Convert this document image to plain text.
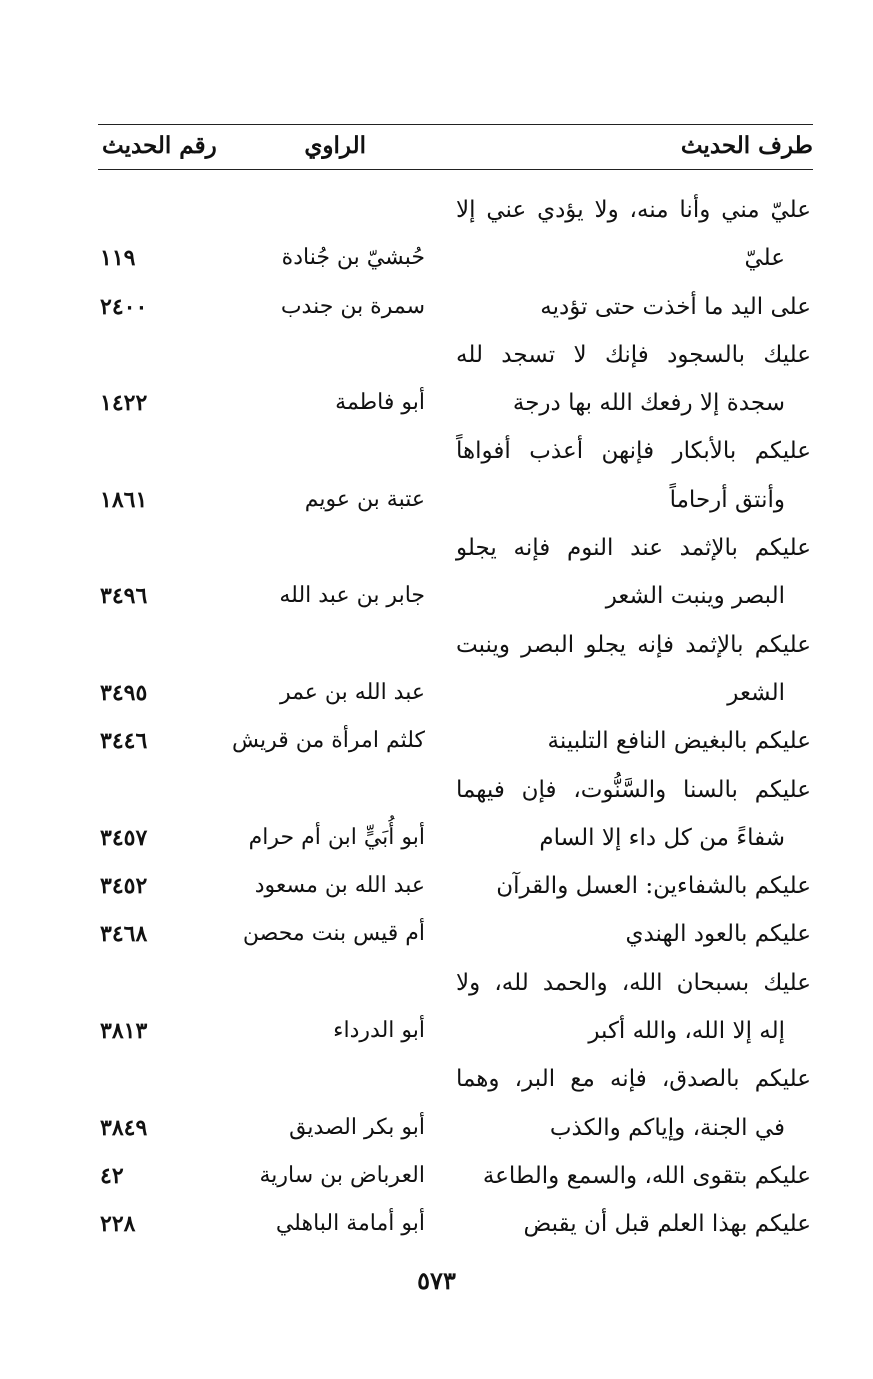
طرف الحديث
الراوي
رقم الحديث
عليّ مني وأنا منه، ولا يؤدي عني إلا
عليّ
حُبشيّ بن جُنادة
١١٩
على اليد ما أخذت حتى تؤديه
سمرة بن جندب
٢٤٠٠
عليك بالسجود فإنك لا تسجد لله
سجدة إلا رفعك الله بها درجة
أبو فاطمة
١٤٢٢
عليكم بالأبكار فإنهن أعذب أفواهاً
وأنتق أرحاماً
عتبة بن عويم
١٨٦١
عليكم بالإثمد عند النوم فإنه يجلو
البصر وينبت الشعر
جابر بن عبد الله
٣٤٩٦
عليكم بالإثمد فإنه يجلو البصر وينبت
الشعر
عبد الله بن عمر
٣٤٩٥
عليكم بالبغيض النافع التلبينة
كلثم امرأة من قريش
٣٤٤٦
عليكم بالسنا والسَّنُّوت، فإن فيهما
شفاءً من كل داء إلا السام
أبو أُبَيٍّ ابن أم حرام
٣٤٥٧
عليكم بالشفاءين: العسل والقرآن
عبد الله بن مسعود
٣٤٥٢
عليكم بالعود الهندي
أم قيس بنت محصن
٣٤٦٨
عليك بسبحان الله، والحمد لله، ولا
إله إلا الله، والله أكبر
أبو الدرداء
٣٨١٣
عليكم بالصدق، فإنه مع البر، وهما
في الجنة، وإياكم والكذب
أبو بكر الصديق
٣٨٤٩
عليكم بتقوى الله، والسمع والطاعة
العرباض بن سارية
٤٢
عليكم بهذا العلم قبل أن يقبض
أبو أمامة الباهلي
٢٢٨
٥٧٣
